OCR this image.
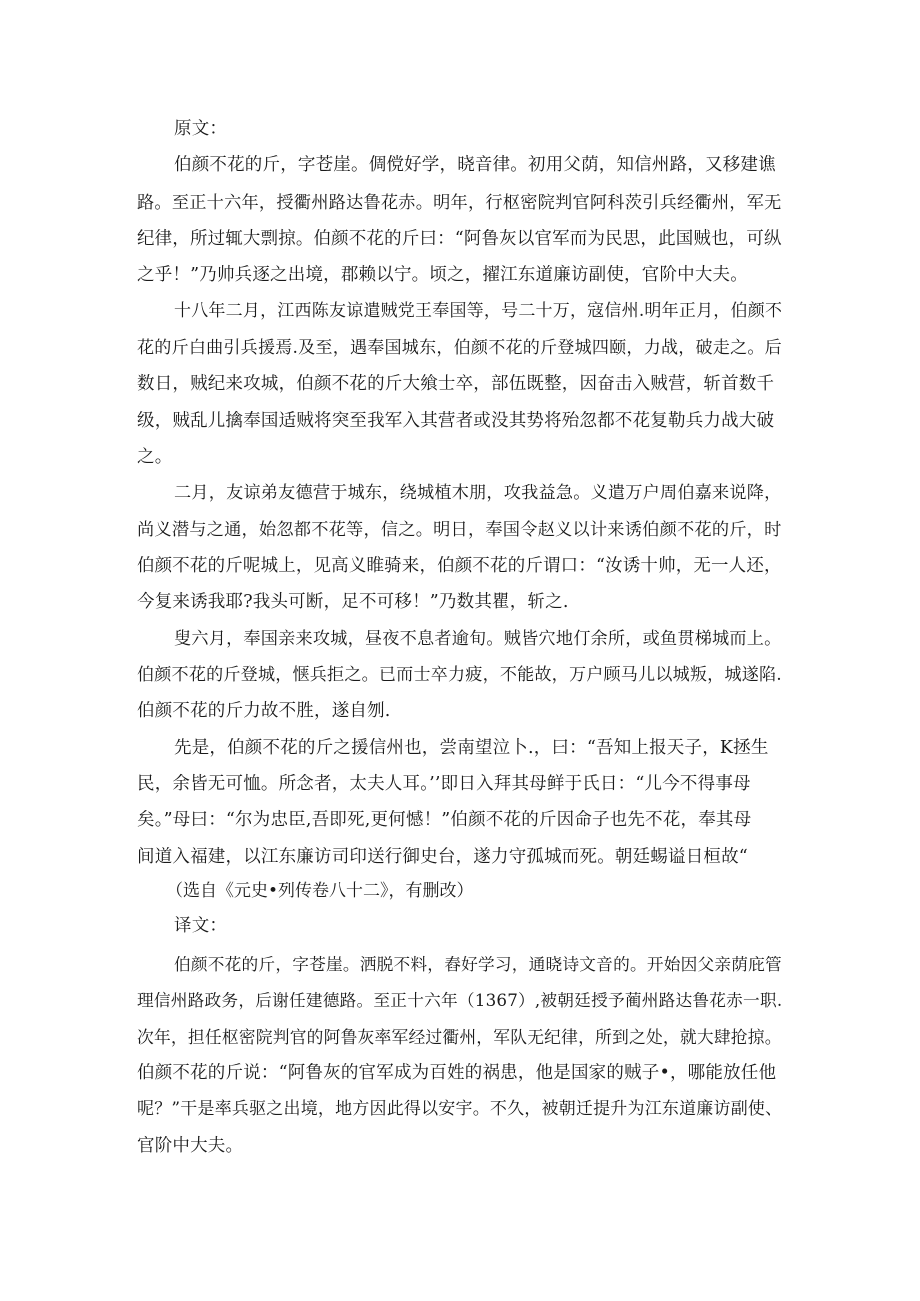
原文：
伯颜不花的斤，字苍崖。倜傥好学，晓音律。初用父荫，知信州路，又移建谯
路。至正十六年，授衢州路达鲁花赤。明年，行枢密院判官阿科茨引兵经衢州，军无
纪律，所过辄大剽掠。伯颜不花的斤曰：“阿鲁灰以官军而为民思，此国贼也，可纵
之乎！”乃帅兵逐之出境，郡赖以宁。顷之，擢江东道廉访副使，官阶中大夫。
十八年二月，江西陈友谅遣贼党王奉国等，号二十万，寇信州.明年正月，伯颜不
花的斤白曲引兵援焉.及至，遇奉国城东，伯颜不花的斤登城四颐，力战，破走之。后
数日，贼纪来攻城，伯颜不花的斤大飨士卒，部伍既整，因奋击入贼营，斩首数千
级，贼乱儿擒奉国适贼将突至我军入其营者或没其势将殆忽都不花复勒兵力战大破
之。
二月，友谅弟友德营于城东，绕城植木朋，攻我益急。义遣万户周伯嘉来说降，
尚义潜与之通，始忽都不花等，信之。明日，奉国令赵义以计来诱伯颜不花的斤，时
伯颜不花的斤呢城上，见高义睢骑来，伯颜不花的斤谓口：“汝诱十帅，无一人还，
今复来诱我耶?我头可断，足不可移！”乃数其瞿，斩之.
叟六月，奉国亲来攻城，昼夜不息者逾旬。贼皆穴地仃余所，或鱼贯梯城而上。
伯颜不花的斤登城，惬兵拒之。已而士卒力疲，不能故，万户顾马儿以城叛，城遂陷.
伯颜不花的斤力故不胜，遂自刎.
先是，伯颜不花的斤之援信州也，尝南望泣卜.，曰：“吾知上报天子，K拯生
民，余皆无可恤。所念者，太夫人耳。’’即日入拜其母鲜于氏日：“儿今不得事母
矣。”母曰：“尔为忠臣,吾即死,更何憾！”伯颜不花的斤因命子也先不花，奉其母
间道入福建，以江东廉访司印送行御史台，遂力守孤城而死。朝廷蜴谥日桓故“
（选自《元史•列传卷八十二》，有删改）
译文：
伯颜不花的斤，字苍崖。洒脱不料，舂好学习，通晓诗文音的。开始因父亲荫庇管
理信州路政务，后谢任建德路。至正十六年（1367）,被朝廷授予蔺州路达鲁花赤一职.
次年，担任枢密院判官的阿鲁灰率军经过衢州，军队无纪律，所到之处，就大肆抢掠。
伯颜不花的斤说：“阿鲁灰的官军成为百姓的祸患，他是国家的贼子•，哪能放任他
呢？”干是率兵驱之出境，地方因此得以安宇。不久，被朝迁提升为江东道廉访副使、
官阶中大夫。
